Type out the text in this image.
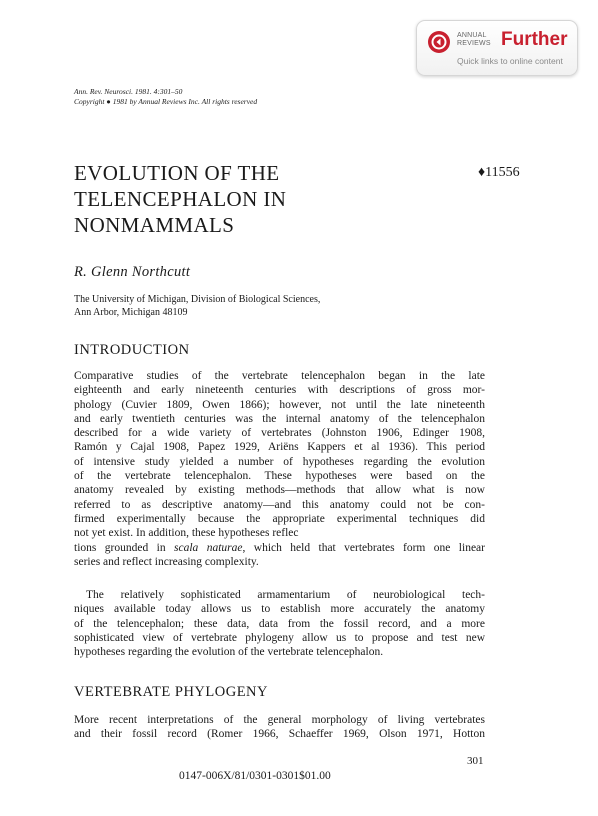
ANNUAL
REVIEWS Further
Quick links to online content
Ann. Rev. Neurosci. 1981. 4:301–50
Copyright ● 1981 by Annual Reviews Inc. All rights reserved
EVOLUTION OF THE
TELENCEPHALON IN
NONMAMMALS
♦11556
R. Glenn Northcutt
The University of Michigan, Division of Biological Sciences,
Ann Arbor, Michigan 48109
INTRODUCTION
Comparative studies of the vertebrate telencephalon began in the late
eighteenth and early nineteenth centuries with descriptions of gross mor-
phology (Cuvier 1809, Owen 1866); however, not until the late nineteenth
and early twentieth centuries was the internal anatomy of the telencephalon
described for a wide variety of vertebrates (Johnston 1906, Edinger 1908,
Ramón y Cajal 1908, Papez 1929, Ariëns Kappers et al 1936). This period
of intensive study yielded a number of hypotheses regarding the evolution
of the vertebrate telencephalon. These hypotheses were based on the
anatomy revealed by existing methods—methods that allow what is now
referred to as descriptive anatomy—and this anatomy could not be con-
firmed experimentally because the appropriate experimental techniques did
not yet exist. In addition, these hypotheses reflec
tions grounded in scala naturae, which held that vertebrates form one linear
series and reflect increasing complexity.
The relatively sophisticated armamentarium of neurobiological tech-
niques available today allows us to establish more accurately the anatomy
of the telencephalon; these data, data from the fossil record, and a more
sophisticated view of vertebrate phylogeny allow us to propose and test new
hypotheses regarding the evolution of the vertebrate telencephalon.
VERTEBRATE PHYLOGENY
More recent interpretations of the general morphology of living vertebrates
and their fossil record (Romer 1966, Schaeffer 1969, Olson 1971, Hotton
301
0147-006X/81/0301-0301$01.00
